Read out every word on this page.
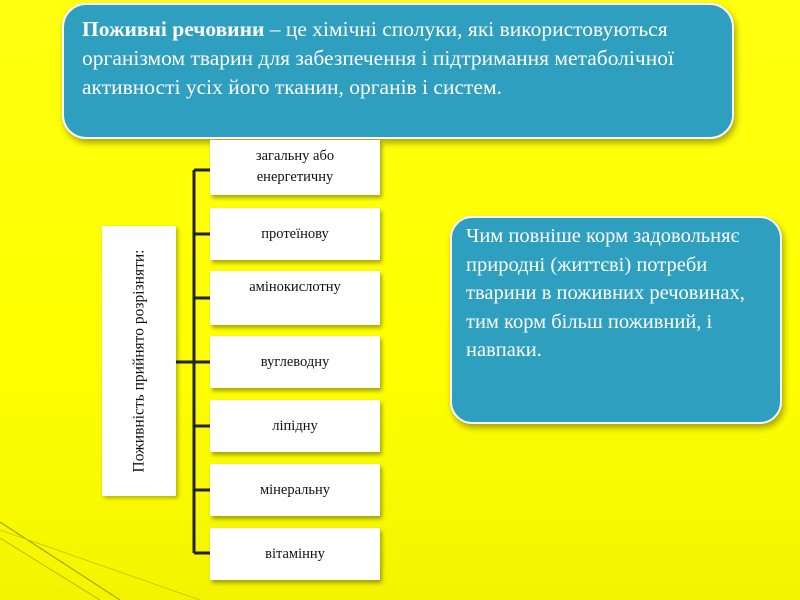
Поживні речовини – це хімічні сполуки, які використовуються організмом тварин для забезпечення і підтримання метаболічної активності усіх його тканин, органів і систем.
Поживність прийнято розрізняти:
загальну або енергетичну
протеїнову
амінокислотну
вуглеводну
ліпідну
мінеральну
вітамінну
Чим повніше корм задовольняє природні (життєві) потреби тварини в поживних речовинах, тим корм більш поживний, і навпаки.
